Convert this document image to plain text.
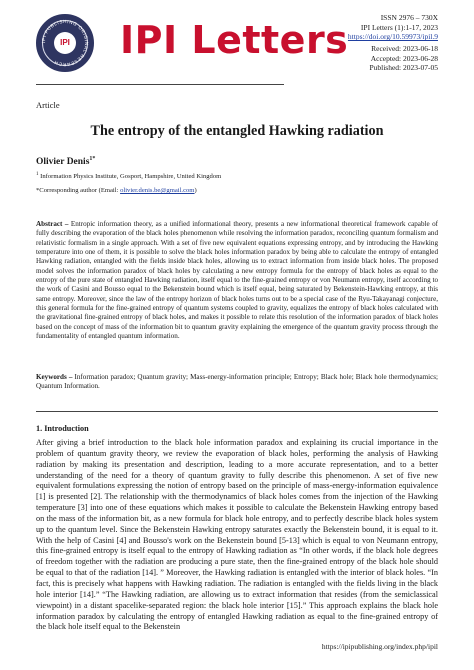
IPI PUBLISHING ORIGINAL RESEARCH
IPI IPI Letters
ISSN 2976 – 730X
IPI Letters (1):1-17, 2023
https://doi.org/10.59973/ipil.9
Received: 2023-06-18
Accepted: 2023-06-28
Published: 2023-07-05
Article
The entropy of the entangled Hawking radiation
Olivier Denis$^{1*}$
$^1$ Information Physics Institute, Gosport, Hampshire, United Kingdom
*Corresponding author (Email: olivier.denis.be@gmail.com)
Abstract – Entropic information theory, as a unified informational theory, presents a new informational theoretical framework capable of fully describing the evaporation of the black holes phenomenon while resolving the information paradox, reconciling quantum formalism and relativistic formalism in a single approach. With a set of five new equivalent equations expressing entropy, and by introducing the Hawking temperature into one of them, it is possible to solve the black holes information paradox by being able to calculate the entropy of entangled Hawking radiation, entangled with the fields inside black holes, allowing us to extract information from inside black holes. The proposed model solves the information paradox of black holes by calculating a new entropy formula for the entropy of black holes as equal to the entropy of the pure state of entangled Hawking radiation, itself equal to the fine-grained entropy or von Neumann entropy, itself according to the work of Casini and Bousso equal to the Bekenstein bound which is itself equal, being saturated by Bekenstein-Hawking entropy, at this same entropy. Moreover, since the law of the entropy horizon of black holes turns out to be a special case of the Ryu-Takayanagi conjecture, this general formula for the fine-grained entropy of quantum systems coupled to gravity, equalizes the entropy of black holes calculated with the gravitational fine-grained entropy of black holes, and makes it possible to relate this resolution of the information paradox of black holes based on the concept of mass of the information bit to quantum gravity explaining the emergence of the quantum gravity process through the fundamentality of entangled quantum information.
Keywords – Information paradox; Quantum gravity; Mass-energy-information principle; Entropy; Black hole; Black hole thermodynamics; Quantum Information.
1. Introduction
After giving a brief introduction to the black hole information paradox and explaining its crucial importance in the problem of quantum gravity theory, we review the evaporation of black holes, performing the analysis of Hawking radiation by making its presentation and description, leading to a more accurate representation, and to a better understanding of the need for a theory of quantum gravity to fully describe this phenomenon. A set of five new equivalent formulations expressing the notion of entropy based on the principle of mass-energy-information equivalence [1] is presented [2]. The relationship with the thermodynamics of black holes comes from the injection of the Hawking temperature [3] into one of these equations which makes it possible to calculate the Bekenstein Hawking entropy based on the mass of the information bit, as a new formula for black hole entropy, and to perfectly describe black holes system up to the quantum level. Since the Bekenstein Hawking entropy saturates exactly the Bekenstein bound, it is equal to it. With the help of Casini [4] and Bousso's work on the Bekenstein bound [5-13] which is equal to von Neumann entropy, this fine-grained entropy is itself equal to the entropy of Hawking radiation as “In other words, if the black hole degrees of freedom together with the radiation are producing a pure state, then the fine-grained entropy of the black hole should be equal to that of the radiation [14]. ” Moreover, the Hawking radiation is entangled with the interior of black holes. “In fact, this is precisely what happens with Hawking radiation. The radiation is entangled with the fields living in the black hole interior [14].” “The Hawking radiation, are allowing us to extract information that resides (from the semiclassical viewpoint) in a distant spacelike-separated region: the black hole interior [15].” This approach explains the black hole information paradox by calculating the entropy of entangled Hawking radiation as equal to the fine-grained entropy of the black hole itself equal to the Bekenstein
https://ipipublishing.org/index.php/ipil
